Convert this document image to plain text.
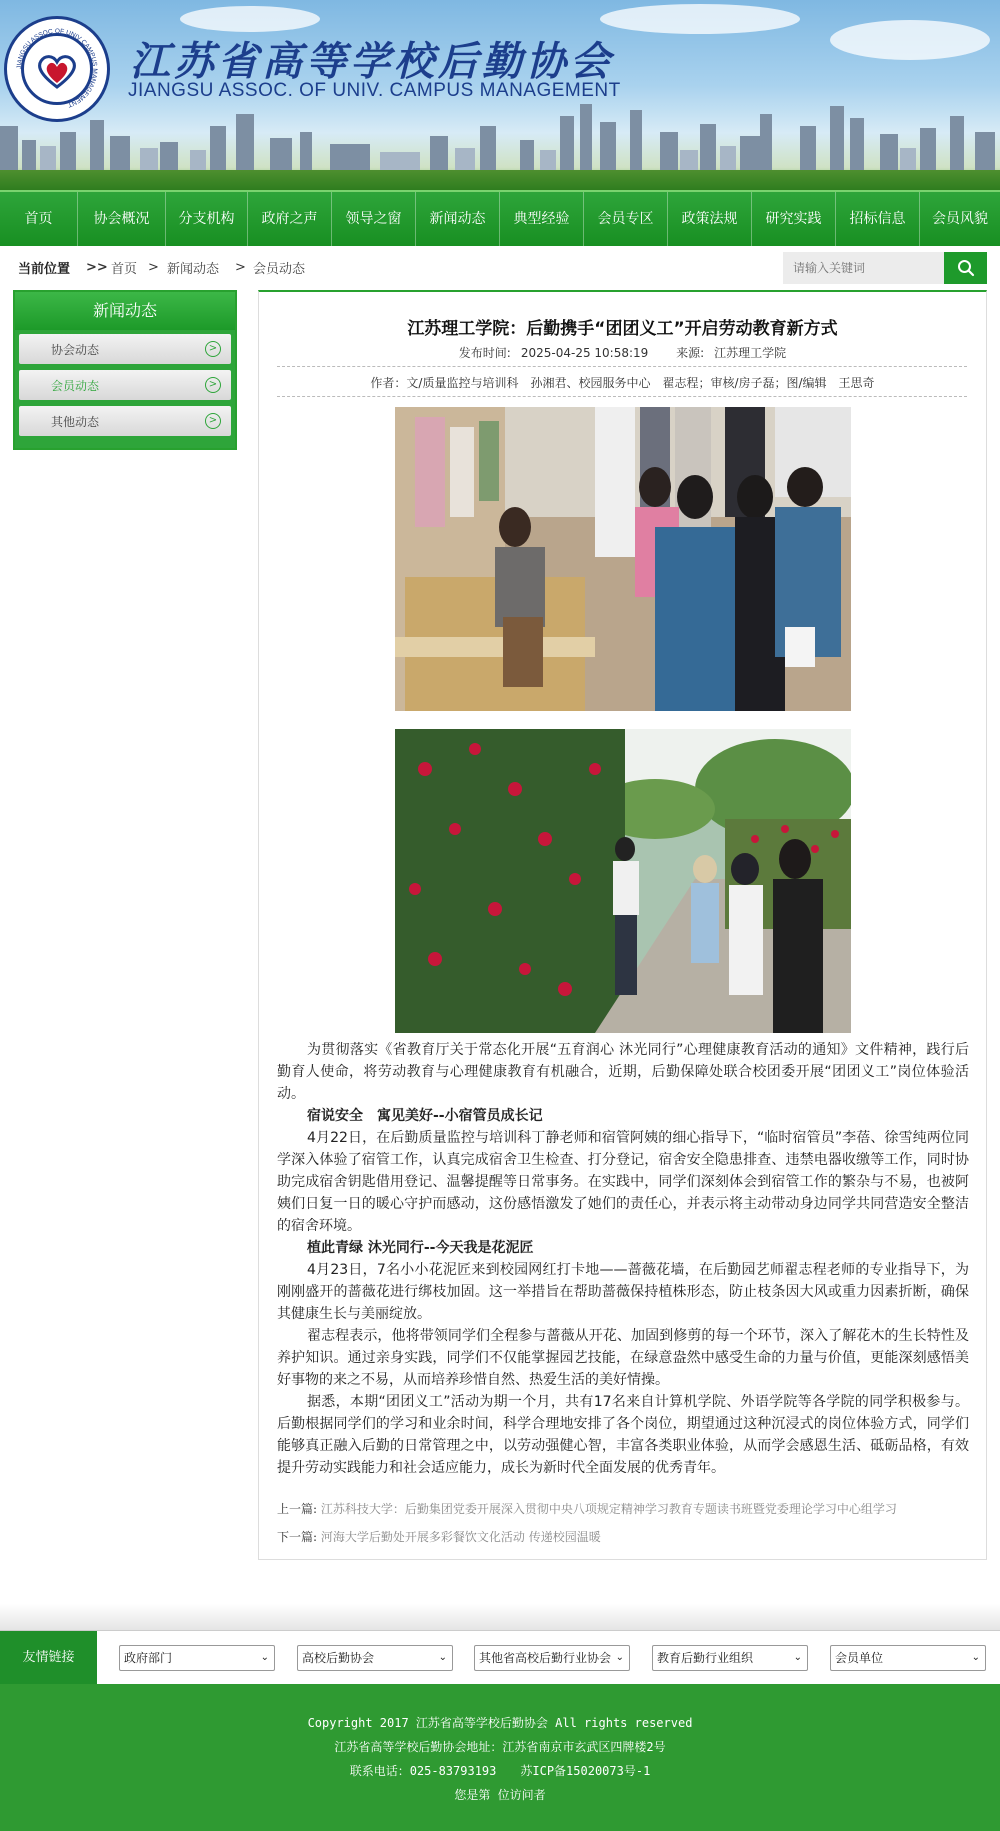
JIANGSU ASSOC OF UNIV CAMPUS MANAGEMENT
江苏省高等学校后勤协会
JIANGSU ASSOC. OF UNIV. CAMPUS MANAGEMENT
首页	协会概况	分支机构	政府之声	领导之窗	新闻动态	典型经验	会员专区	政策法规	研究实践	招标信息	会员风貌
当前位置 >> 首页 > 新闻动态 > 会员动态
请输入关键词
新闻动态
协会动态	>
会员动态	>
其他动态	>
江苏理工学院：后勤携手“团团义工”开启劳动教育新方式
发布时间: 2025-04-25 10:58:19 来源: 江苏理工学院
作者：文/质量监控与培训科　孙湘君、校园服务中心　翟志程；审核/房子磊；图/编辑　王思奇

为贯彻落实《省教育厅关于常态化开展“五育润心 沐光同行”心理健康教育活动的通知》文件精神，践行后勤育人使命，将劳动教育与心理健康教育有机融合，近期，后勤保障处联合校团委开展“团团义工”岗位体验活动。

宿说安全　寓见美好--小宿管员成长记

4月22日，在后勤质量监控与培训科丁静老师和宿管阿姨的细心指导下，“临时宿管员”李蓓、徐雪纯两位同学深入体验了宿管工作，认真完成宿舍卫生检查、打分登记，宿舍安全隐患排查、违禁电器收缴等工作，同时协助完成宿舍钥匙借用登记、温馨提醒等日常事务。在实践中，同学们深刻体会到宿管工作的繁杂与不易，也被阿姨们日复一日的暖心守护而感动，这份感悟激发了她们的责任心，并表示将主动带动身边同学共同营造安全整洁的宿舍环境。

植此青绿 沐光同行--今天我是花泥匠

4月23日，7名小小花泥匠来到校园网红打卡地——蔷薇花墙，在后勤园艺师翟志程老师的专业指导下，为刚刚盛开的蔷薇花进行绑枝加固。这一举措旨在帮助蔷薇保持植株形态，防止枝条因大风或重力因素折断，确保其健康生长与美丽绽放。

翟志程表示，他将带领同学们全程参与蔷薇从开花、加固到修剪的每一个环节，深入了解花木的生长特性及养护知识。通过亲身实践，同学们不仅能掌握园艺技能，在绿意盎然中感受生命的力量与价值，更能深刻感悟美好事物的来之不易，从而培养珍惜自然、热爱生活的美好情操。

据悉，本期“团团义工”活动为期一个月，共有17名来自计算机学院、外语学院等各学院的同学积极参与。后勤根据同学们的学习和业余时间，科学合理地安排了各个岗位，期望通过这种沉浸式的岗位体验方式，同学们能够真正融入后勤的日常管理之中，以劳动强健心智，丰富各类职业体验，从而学会感恩生活、砥砺品格，有效提升劳动实践能力和社会适应能力，成长为新时代全面发展的优秀青年。

上一篇: 江苏科技大学：后勤集团党委开展深入贯彻中央八项规定精神学习教育专题读书班暨党委理论学习中心组学习
下一篇: 河海大学后勤处开展多彩餐饮文化活动 传递校园温暖
友情链接	政府部门	⌄	高校后勤协会	⌄	其他省高校后勤行业协会 ⌄	教育后勤行业组织	⌄	会员单位	⌄
Copyright 2017 江苏省高等学校后勤协会 All rights reserved
江苏省高等学校后勤协会地址：江苏省南京市玄武区四牌楼2号
联系电话：025-83793193　　苏ICP备15020073号-1
您是第 位访问者
